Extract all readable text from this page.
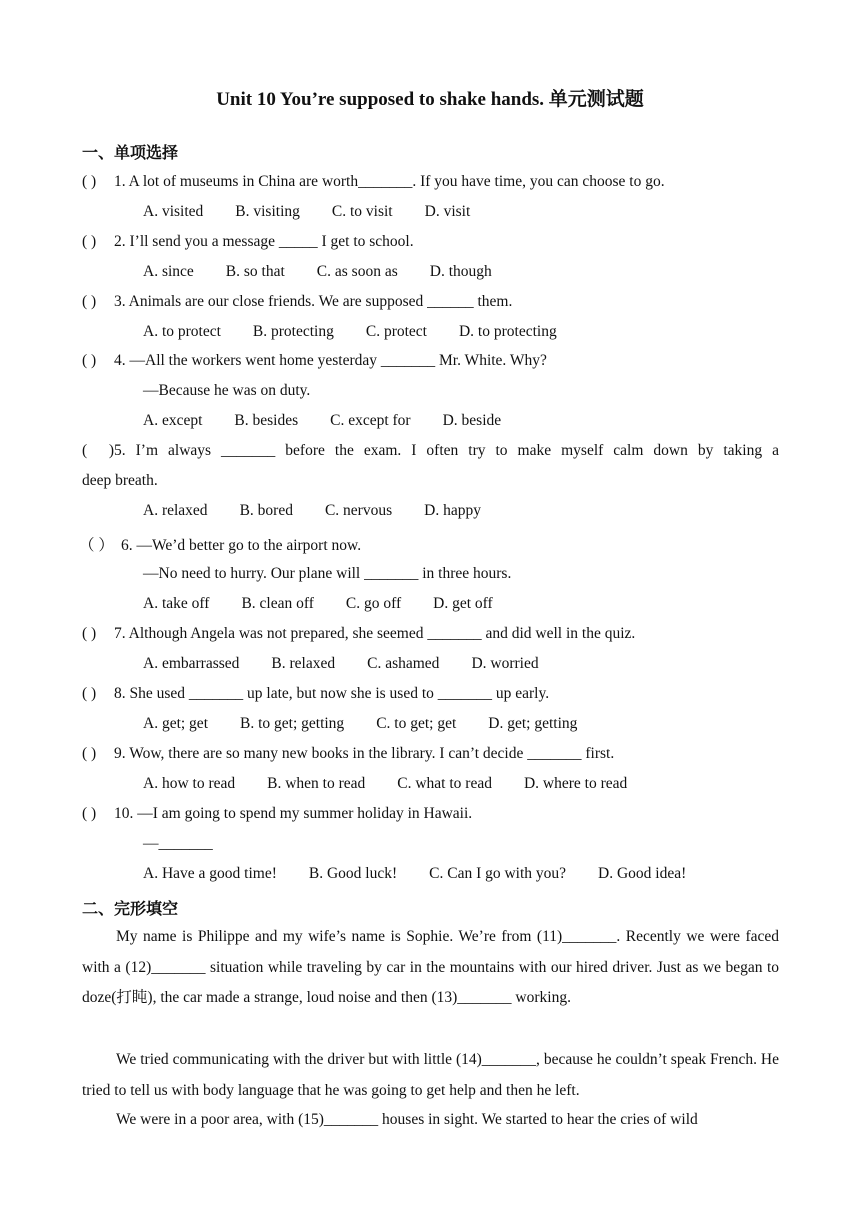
Unit 10 You’re supposed to shake hands. 单元测试题
一、单项选择
( ) 1. A lot of museums in China are worth_______. If you have time, you can choose to go.
A. visited B. visiting C. to visit D. visit
( ) 2. I’ll send you a message _____ I get to school.
A. since B. so that C. as soon as D. though
( ) 3. Animals are our close friends. We are supposed ______ them.
A. to protect B. protecting C. protect D. to protecting
( ) 4. —All the workers went home yesterday _______ Mr. White. Why?
—Because he was on duty.
A. except B. besides C. except for D. beside
( )5. I’m always _______ before the exam. I often try to make myself calm down by taking a
deep breath.
A. relaxed B. bored C. nervous D. happy
（ ） 6. —We’d better go to the airport now.
—No need to hurry. Our plane will _______ in three hours.
A. take off B. clean off C. go off D. get off
( ) 7. Although Angela was not prepared, she seemed _______ and did well in the quiz.
A. embarrassed B. relaxed C. ashamed D. worried
( ) 8. She used _______ up late, but now she is used to _______ up early.
A. get; get B. to get; getting C. to get; get D. get; getting
( ) 9. Wow, there are so many new books in the library. I can’t decide _______ first.
A. how to read B. when to read C. what to read D. where to read
( ) 10. —I am going to spend my summer holiday in Hawaii.
—_______
A. Have a good time! B. Good luck! C. Can I go with you? D. Good idea!
二、完形填空
My name is Philippe and my wife’s name is Sophie. We’re from (11)_______. Recently we were faced with a (12)_______ situation while traveling by car in the mountains with our hired driver. Just as we began to doze(打盹), the car made a strange, loud noise and then (13)_______ working.
We tried communicating with the driver but with little (14)_______, because he couldn’t speak French. He tried to tell us with body language that he was going to get help and then he left.
We were in a poor area, with (15)_______ houses in sight. We started to hear the cries of wild
